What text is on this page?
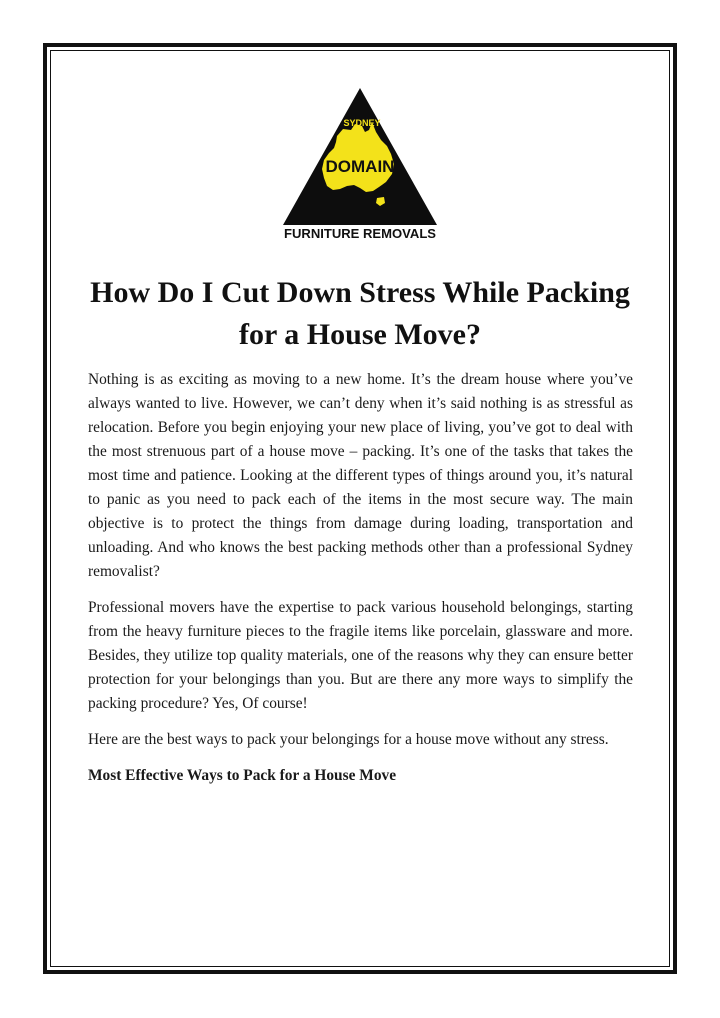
SYDNEY
DOMAIN
FURNITURE REMOVALS
How Do I Cut Down Stress While Packing for a House Move?

Nothing is as exciting as moving to a new home. It’s the dream house where you’ve always wanted to live. However, we can’t deny when it’s said nothing is as stressful as relocation. Before you begin enjoying your new place of living, you’ve got to deal with the most strenuous part of a house move – packing. It’s one of the tasks that takes the most time and patience. Looking at the different types of things around you, it’s natural to panic as you need to pack each of the items in the most secure way. The main objective is to protect the things from damage during loading, transportation and unloading. And who knows the best packing methods other than a professional Sydney removalist?

Professional movers have the expertise to pack various household belongings, starting from the heavy furniture pieces to the fragile items like porcelain, glassware and more. Besides, they utilize top quality materials, one of the reasons why they can ensure better protection for your belongings than you. But are there any more ways to simplify the packing procedure? Yes, Of course!

Here are the best ways to pack your belongings for a house move without any stress.

Most Effective Ways to Pack for a House Move
